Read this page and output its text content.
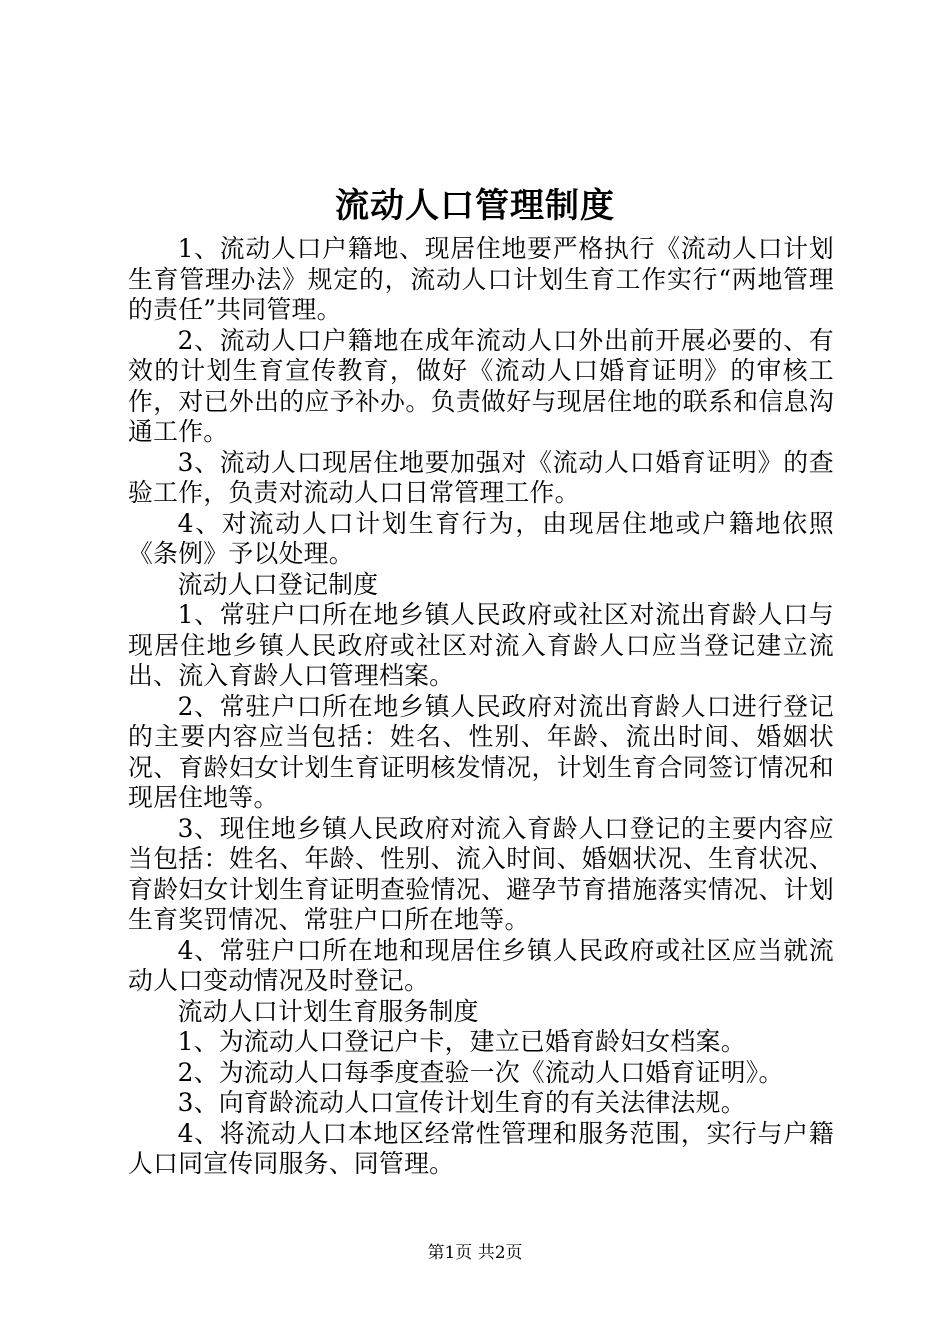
流动人口管理制度

1、流动人口户籍地、现居住地要严格执行《流动人口计划生育管理办法》规定的，流动人口计划生育工作实行“两地管理的责任”共同管理。

2、流动人口户籍地在成年流动人口外出前开展必要的、有效的计划生育宣传教育，做好《流动人口婚育证明》的审核工作，对已外出的应予补办。负责做好与现居住地的联系和信息沟通工作。

3、流动人口现居住地要加强对《流动人口婚育证明》的查验工作，负责对流动人口日常管理工作。

4、对流动人口计划生育行为，由现居住地或户籍地依照《条例》予以处理。

流动人口登记制度

1、常驻户口所在地乡镇人民政府或社区对流出育龄人口与现居住地乡镇人民政府或社区对流入育龄人口应当登记建立流出、流入育龄人口管理档案。

2、常驻户口所在地乡镇人民政府对流出育龄人口进行登记的主要内容应当包括：姓名、性别、年龄、流出时间、婚姻状况、育龄妇女计划生育证明核发情况，计划生育合同签订情况和现居住地等。

3、现住地乡镇人民政府对流入育龄人口登记的主要内容应当包括：姓名、年龄、性别、流入时间、婚姻状况、生育状况、育龄妇女计划生育证明查验情况、避孕节育措施落实情况、计划生育奖罚情况、常驻户口所在地等。

4、常驻户口所在地和现居住乡镇人民政府或社区应当就流动人口变动情况及时登记。

流动人口计划生育服务制度

1、为流动人口登记户卡，建立已婚育龄妇女档案。

2、为流动人口每季度查验一次《流动人口婚育证明》。

3、向育龄流动人口宣传计划生育的有关法律法规。

4、将流动人口本地区经常性管理和服务范围，实行与户籍人口同宣传同服务、同管理。

第1页 共2页
